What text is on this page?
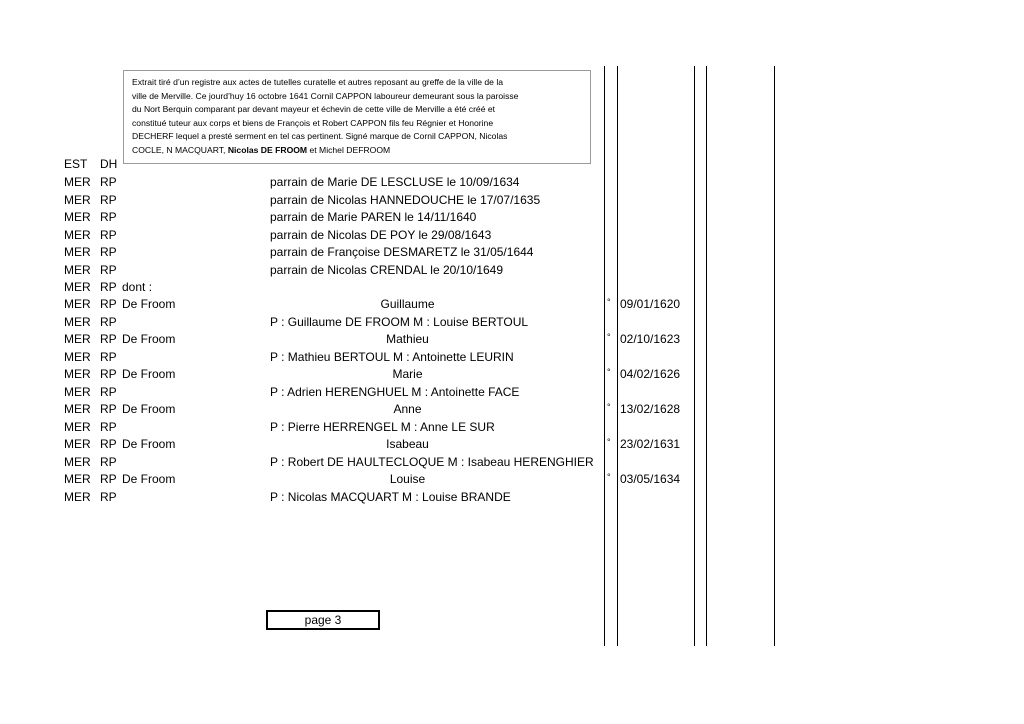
Extrait tiré d’un registre aux actes de tutelles curatelle et autres reposant au greffe de la ville de la
ville de Merville. Ce jourd’huy 16 octobre 1641 Cornil CAPPON laboureur demeurant sous la paroisse
du Nort Berquin comparant par devant mayeur et échevin de cette ville de Merville a été créé et
constitué tuteur aux corps et biens de François et Robert CAPPON fils feu Régnier et Honorine
DECHERF lequel a presté serment en tel cas pertinent. Signé marque de Cornil CAPPON, Nicolas
COCLE, N MACQUART, Nicolas DE FROOM et Michel DEFROOM
EST DH
MER RP	parrain de Marie DE LESCLUSE le 10/09/1634
MER RP	parrain de Nicolas HANNEDOUCHE le 17/07/1635
MER RP	parrain de Marie PAREN le 14/11/1640
MER RP	parrain de Nicolas DE POY le 29/08/1643
MER RP	parrain de Françoise DESMARETZ le 31/05/1644
MER RP	parrain de Nicolas CRENDAL le 20/10/1649
MER RP dont :
MER RP De Froom	Guillaume	° 09/01/1620
MER RP	P : Guillaume DE FROOM M : Louise BERTOUL
MER RP De Froom	Mathieu	° 02/10/1623
MER RP	P : Mathieu BERTOUL M : Antoinette LEURIN
MER RP De Froom	Marie	° 04/02/1626
MER RP	P : Adrien HERENGHUEL M : Antoinette FACE
MER RP De Froom	Anne	° 13/02/1628
MER RP	P : Pierre HERRENGEL M : Anne LE SUR
MER RP De Froom	Isabeau	° 23/02/1631
MER RP	P : Robert DE HAULTECLOQUE M : Isabeau HERENGHIER
MER RP De Froom	Louise	° 03/05/1634
MER RP	P : Nicolas MACQUART M : Louise BRANDE
page 3
